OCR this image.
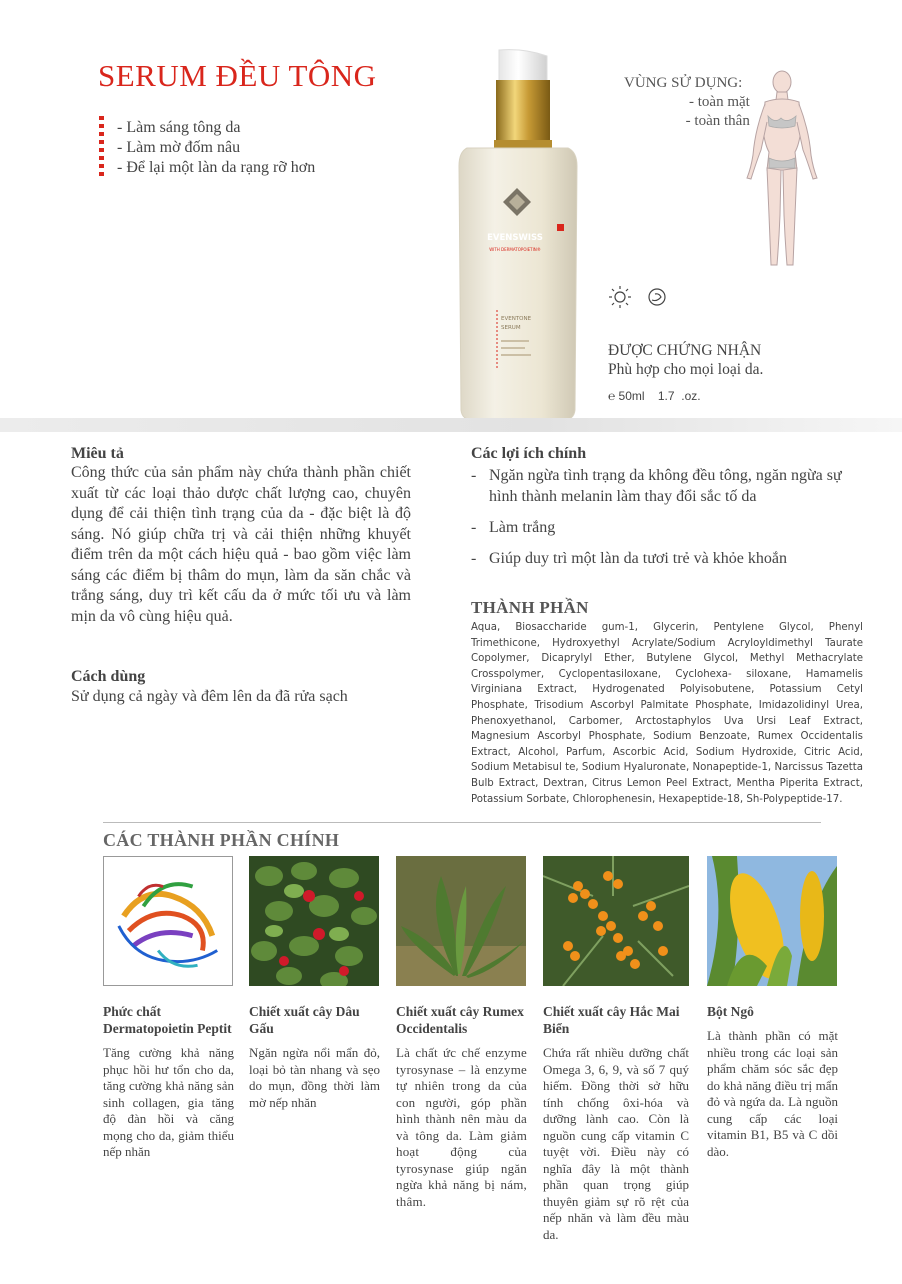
SERUM ĐỀU TÔNG
- Làm sáng tông da
- Làm mờ đốm nâu
- Để lại một làn da rạng rỡ hơn
EVENSWISS
WITH DERMATOPOIETIN®
EVENTONE
SERUM
VÙNG SỬ DỤNG:
- toàn mặt
- toàn thân
ĐƯỢC CHỨNG NHẬN
Phù hợp cho mọi loại da.
℮ 50ml    1.7  .oz.
Miêu tả
Công thức của sản phẩm này chứa thành phần chiết xuất từ các loại thảo dược chất lượng cao, chuyên dụng để cải thiện tình trạng của da - đặc biệt là độ sáng. Nó giúp chữa trị và cải thiện những khuyết điểm trên da một cách hiệu quả - bao gồm việc làm sáng các điểm bị thâm do mụn, làm da săn chắc và trắng sáng, duy trì kết cấu da ở mức tối ưu và làm mịn da vô cùng hiệu quả.
Cách dùng
Sử dụng cả ngày và đêm lên da đã rửa sạch
Các lợi ích chính
- Ngăn ngừa tình trạng da không đều tông, ngăn ngừa sự hình thành melanin làm thay đổi sắc tố da
- Làm trắng
- Giúp duy trì một làn da tươi trẻ và khỏe khoắn
THÀNH PHẦN
Aqua, Biosaccharide gum-1, Glycerin, Pentylene Glycol, Phenyl Trimethicone, Hydroxyethyl Acrylate/Sodium Acryloyldimethyl Taurate Copolymer, Dicaprylyl Ether, Butylene Glycol, Methyl Methacrylate Crosspolymer, Cyclopentasiloxane, Cyclohexa- siloxane, Hamamelis Virginiana Extract, Hydrogenated Polyisobutene, Potassium Cetyl Phosphate, Trisodium Ascorbyl Palmitate Phosphate, Imidazolidinyl Urea, Phenoxyethanol, Carbomer, Arctostaphylos Uva Ursi Leaf Extract, Magnesium Ascorbyl Phosphate, Sodium Benzoate, Rumex Occidentalis Extract, Alcohol, Parfum, Ascorbic Acid, Sodium Hydroxide, Citric Acid, Sodium Metabisul te, Sodium Hyaluronate, Nonapeptide-1, Narcissus Tazetta Bulb Extract, Dextran, Citrus Lemon Peel Extract, Mentha Piperita Extract, Potassium Sorbate, Chlorophenesin, Hexapeptide-18, Sh-Polypeptide-17.
CÁC THÀNH PHẦN CHÍNH
Phức chất Dermatopoietin Peptit
Tăng cường khả năng phục hồi hư tổn cho da, tăng cường khả năng sản sinh collagen, gia tăng độ đàn hồi và căng mọng cho da, giảm thiểu nếp nhăn
Chiết xuất cây Dâu Gấu
Ngăn ngừa nổi mẩn đỏ, loại bỏ tàn nhang và sẹo do mụn, đồng thời làm mờ nếp nhăn
Chiết xuất cây Rumex Occidentalis
Là chất ức chế enzyme tyrosynase – là enzyme tự nhiên trong da của con người, góp phần hình thành nên màu da và tông da. Làm giảm hoạt động của tyrosynase giúp ngăn ngừa khả năng bị nám, thâm.
Chiết xuất cây Hắc Mai Biển
Chứa rất nhiều dưỡng chất Omega 3, 6, 9, và số 7 quý hiếm. Đồng thời sở hữu tính chống ôxi-hóa và dưỡng lành cao. Còn là nguồn cung cấp vitamin C tuyệt vời. Điều này có nghĩa đây là một thành phần quan trọng giúp thuyên giảm sự rõ rệt của nếp nhăn và làm đều màu da.
Bột Ngô
Là thành phần có mặt nhiều trong các loại sản phẩm chăm sóc sắc đẹp do khả năng điều trị mẩn đỏ và ngứa da. Là nguồn cung cấp các loại vitamin B1, B5 và C dồi dào.
